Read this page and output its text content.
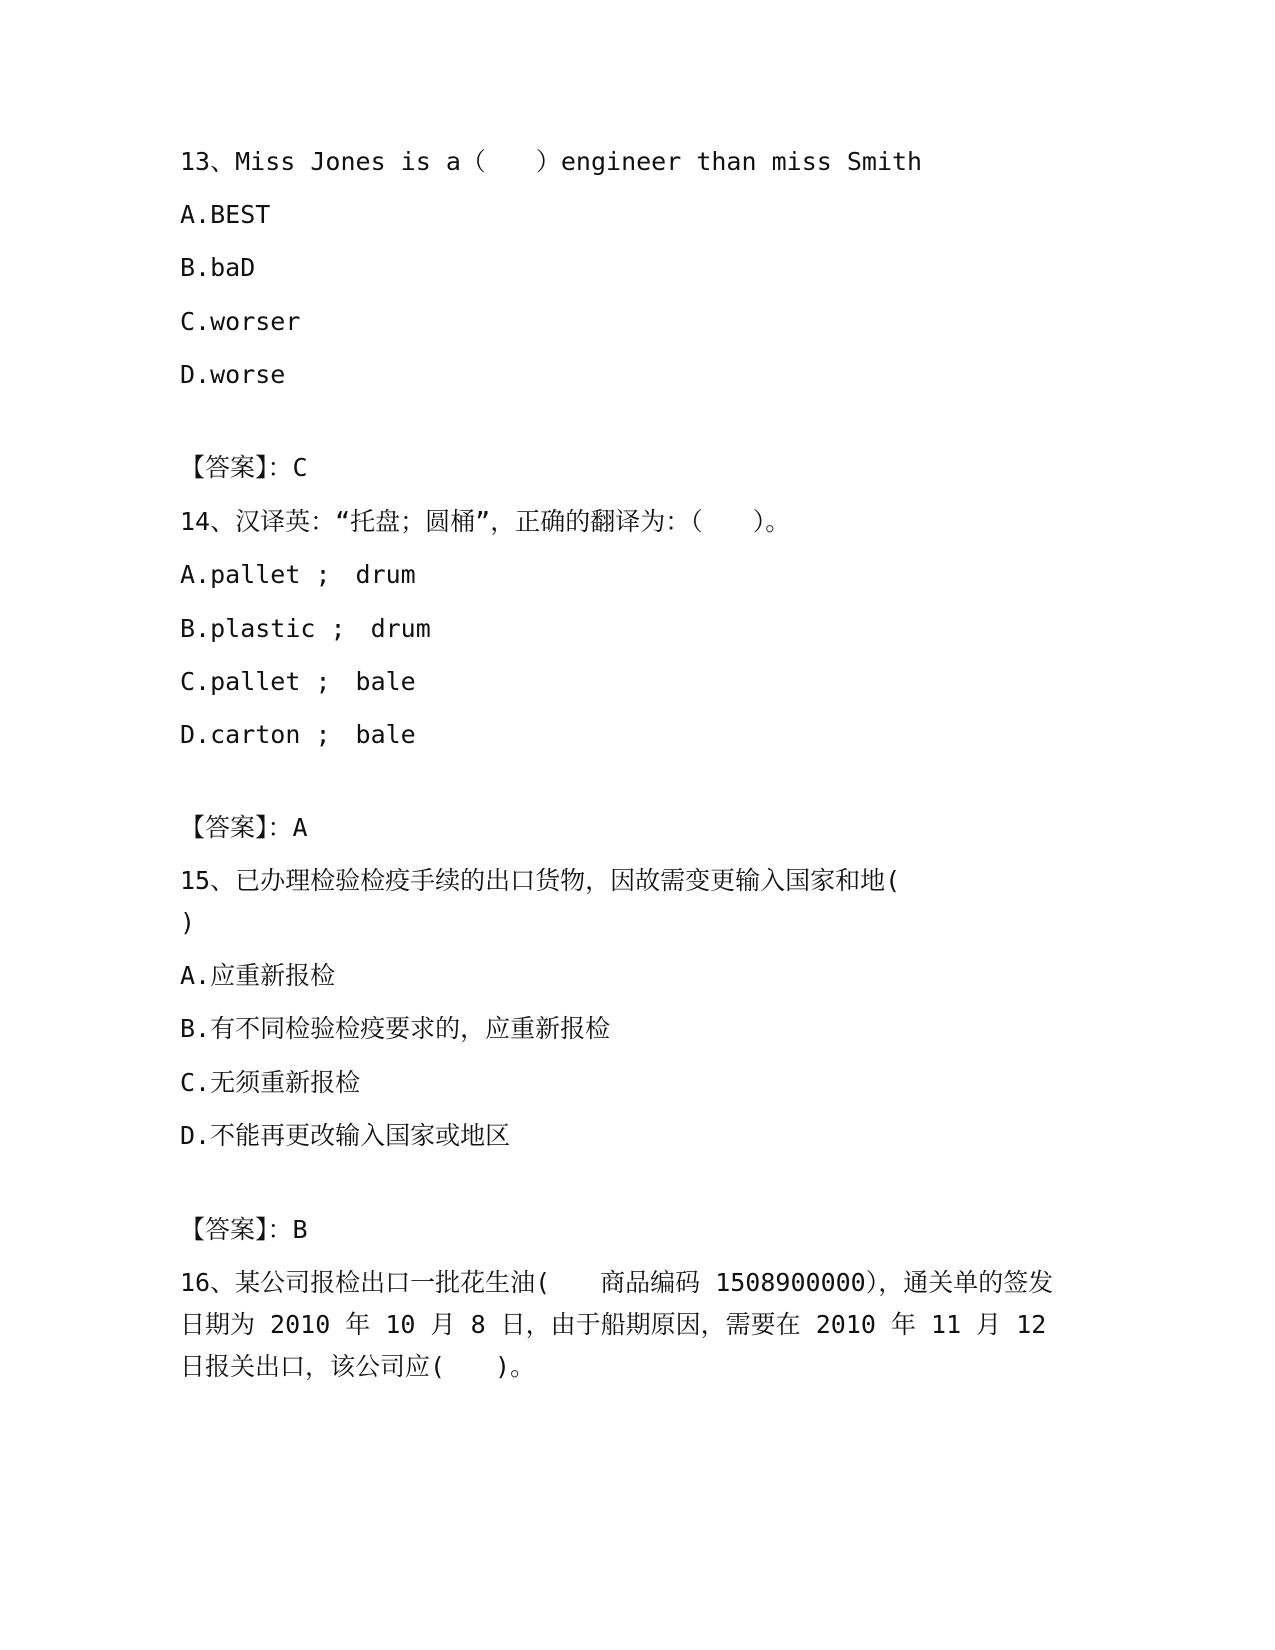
13、Miss Jones is a（　　）engineer than miss Smith
A.BEST
B.baD
C.worser
D.worse
【答案】：C
14、汉译英：“托盘；圆桶”，正确的翻译为：（　　）。
A.pallet ;　drum
B.plastic ;　drum
C.pallet ;　bale
D.carton ;　bale
【答案】：A
15、已办理检验检疫手续的出口货物，因故需变更输入国家和地(
)
A.应重新报检
B.有不同检验检疫要求的，应重新报检
C.无须重新报检
D.不能再更改输入国家或地区
【答案】：B
16、某公司报检出口一批花生油(　　商品编码 1508900000），通关单的签发日期为 2010 年 10 月 8 日，由于船期原因，需要在 2010 年 11 月 12 日报关出口，该公司应(　　)。
